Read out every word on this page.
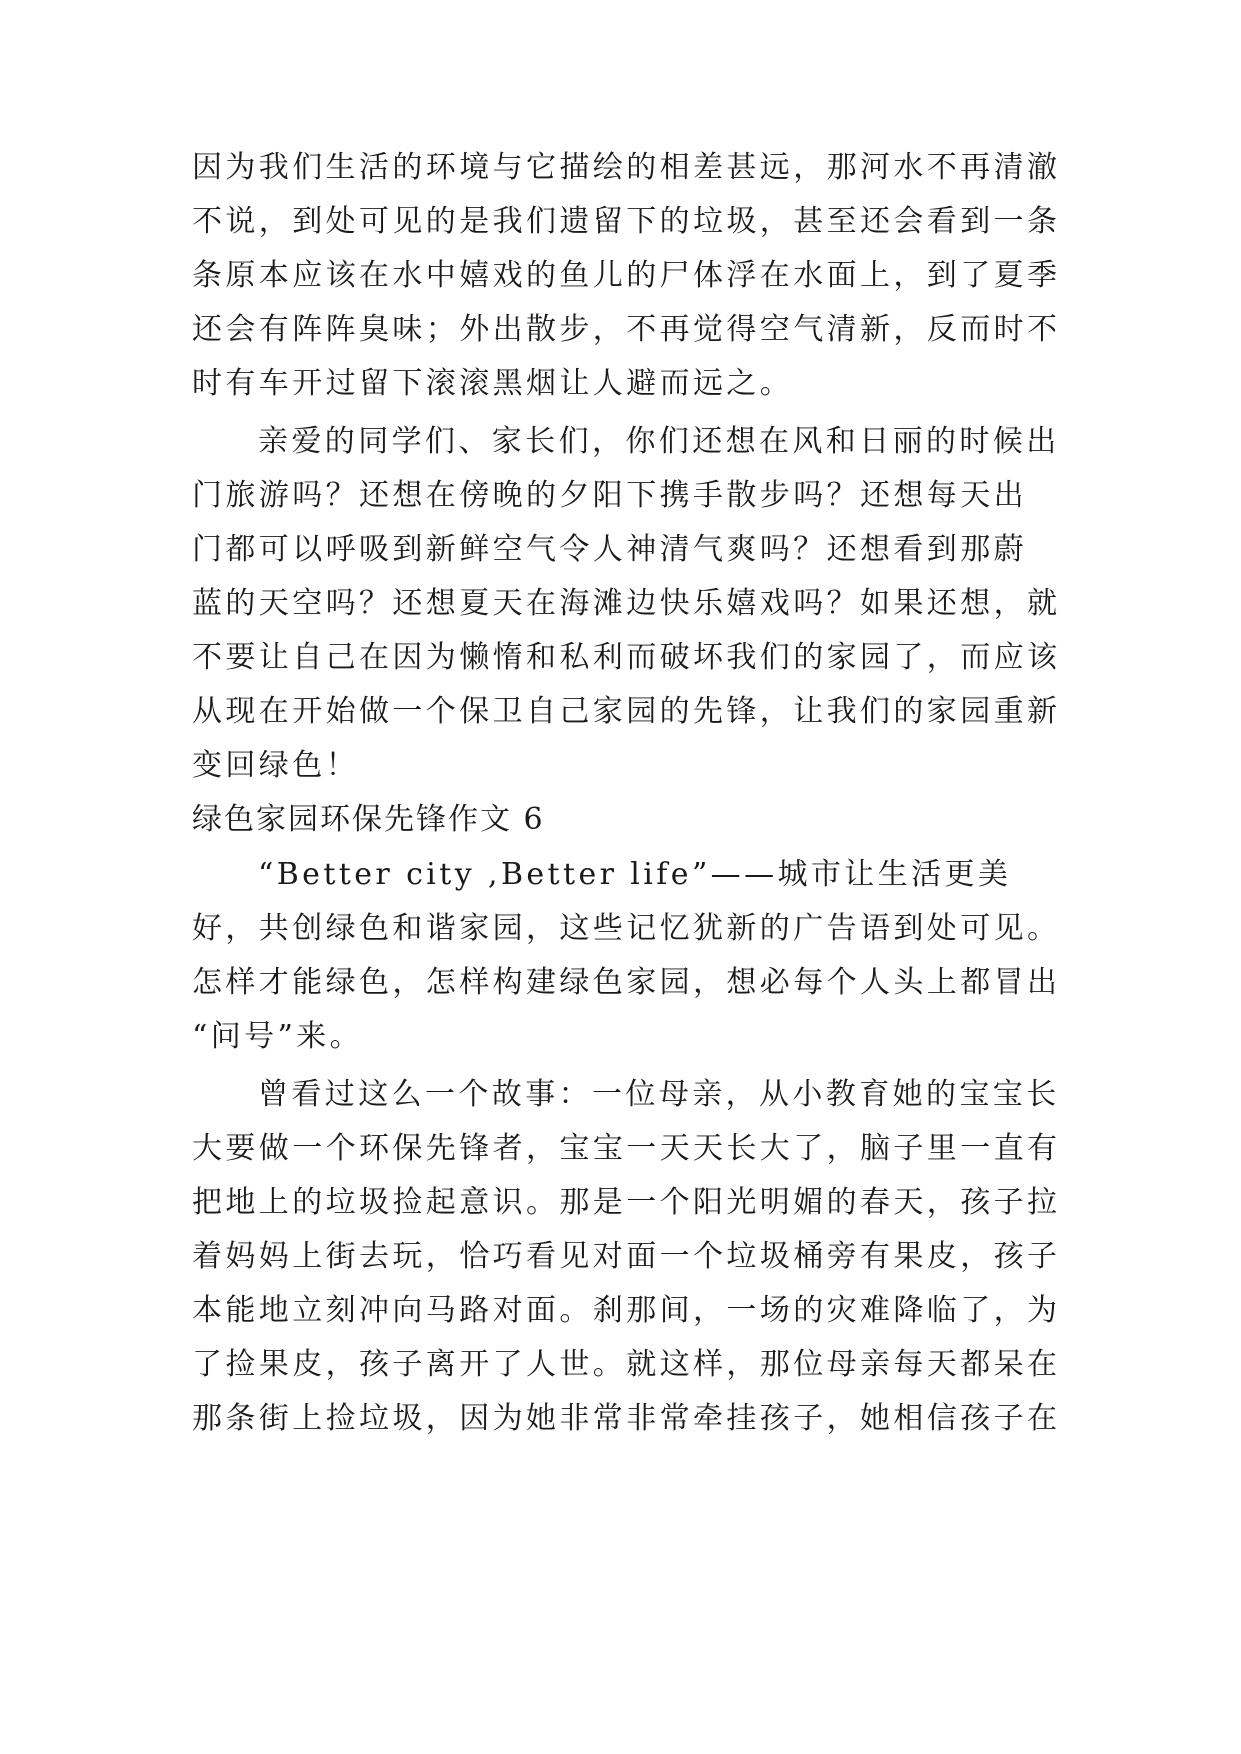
因为我们生活的环境与它描绘的相差甚远，那河水不再清澈

不说，到处可见的是我们遗留下的垃圾，甚至还会看到一条

条原本应该在水中嬉戏的鱼儿的尸体浮在水面上，到了夏季

还会有阵阵臭味；外出散步，不再觉得空气清新，反而时不

时有车开过留下滚滚黑烟让人避而远之。

亲爱的同学们、家长们，你们还想在风和日丽的时候出

门旅游吗？还想在傍晚的夕阳下携手散步吗？还想每天出

门都可以呼吸到新鲜空气令人神清气爽吗？还想看到那蔚

蓝的天空吗？还想夏天在海滩边快乐嬉戏吗？如果还想，就

不要让自己在因为懒惰和私利而破坏我们的家园了，而应该

从现在开始做一个保卫自己家园的先锋，让我们的家园重新

变回绿色！

绿色家园环保先锋作文 6

“Better city ,Better life”——城市让生活更美

好，共创绿色和谐家园，这些记忆犹新的广告语到处可见。

怎样才能绿色，怎样构建绿色家园，想必每个人头上都冒出

“问号”来。

曾看过这么一个故事：一位母亲，从小教育她的宝宝长

大要做一个环保先锋者，宝宝一天天长大了，脑子里一直有

把地上的垃圾捡起意识。那是一个阳光明媚的春天，孩子拉

着妈妈上街去玩，恰巧看见对面一个垃圾桶旁有果皮，孩子

本能地立刻冲向马路对面。刹那间，一场的灾难降临了，为

了捡果皮，孩子离开了人世。就这样，那位母亲每天都呆在

那条街上捡垃圾，因为她非常非常牵挂孩子，她相信孩子在
